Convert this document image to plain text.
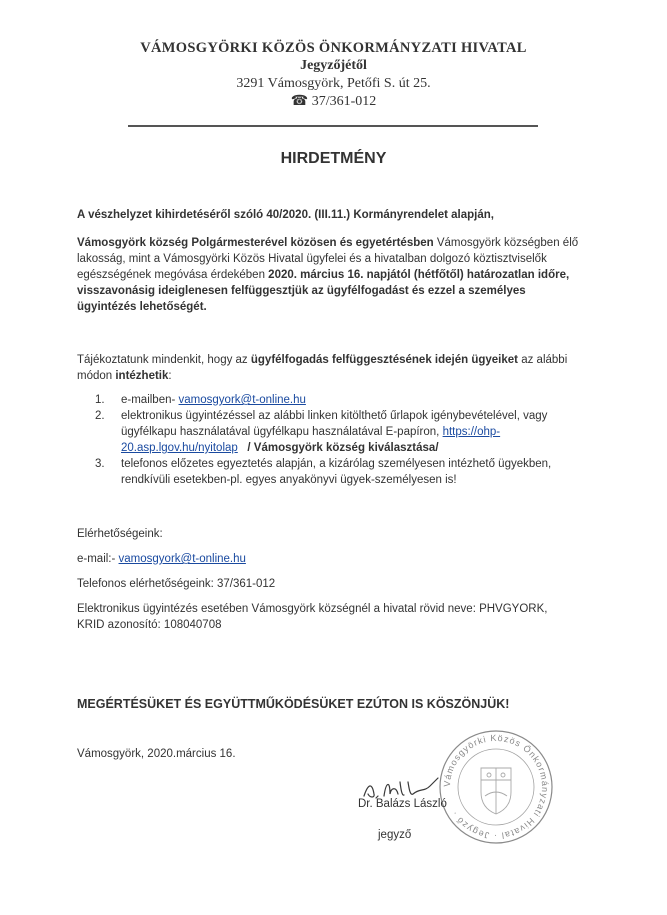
VÁMOSGYÖRKI KÖZÖS ÖNKORMÁNYZATI HIVATAL
Jegyzőjétől
3291 Vámosgyörk, Petőfi S. út 25.
☎ 37/361-012
HIRDETMÉNY
A vészhelyzet kihirdetéséről szóló 40/2020. (III.11.) Kormányrendelet alapján,
Vámosgyörk község Polgármesterével közösen és egyetértésben Vámosgyörk községben élő lakosság, mint a Vámosgyörki Közös Hivatal ügyfelei és a hivatalban dolgozó köztisztviselők egészségének megóvása érdekében 2020. március 16. napjától (hétfőtől) határozatlan időre, visszavonásig ideiglenesen felfüggesztjük az ügyfélfogadást és ezzel a személyes ügyintézés lehetőségét.
Tájékoztatunk mindenkit, hogy az ügyfélfogadás felfüggesztésének idején ügyeiket az alábbi módon intézhetik:
1. e-mailben- vamosgyork@t-online.hu
2. elektronikus ügyintézéssel az alábbi linken kitölthető űrlapok igénybevételével, vagy ügyfélkapu használatával ügyfélkapu használatával E-papíron, https://ohp-20.asp.lgov.hu/nyitolap   / Vámosgyörk község kiválasztása/
3. telefonos előzetes egyeztetés alapján, a kizárólag személyesen intézhető ügyekben, rendkívüli esetekben-pl. egyes anyakönyvi ügyek-személyesen is!
Elérhetőségeink:
e-mail:- vamosgyork@t-online.hu
Telefonos elérhetőségeink: 37/361-012
Elektronikus ügyintézés esetében Vámosgyörk községnél a hivatal rövid neve: PHVGYORK, KRID azonosító: 108040708
MEGÉRTÉSÜKET ÉS EGYÜTTMŰKÖDÉSÜKET EZÚTON IS KÖSZÖNJÜK!
Vámosgyörk, 2020.március 16.
Vámosgyörki Közös Önkormányzati Hivatal · Jegyző ·
Dr. Balázs László
jegyző
